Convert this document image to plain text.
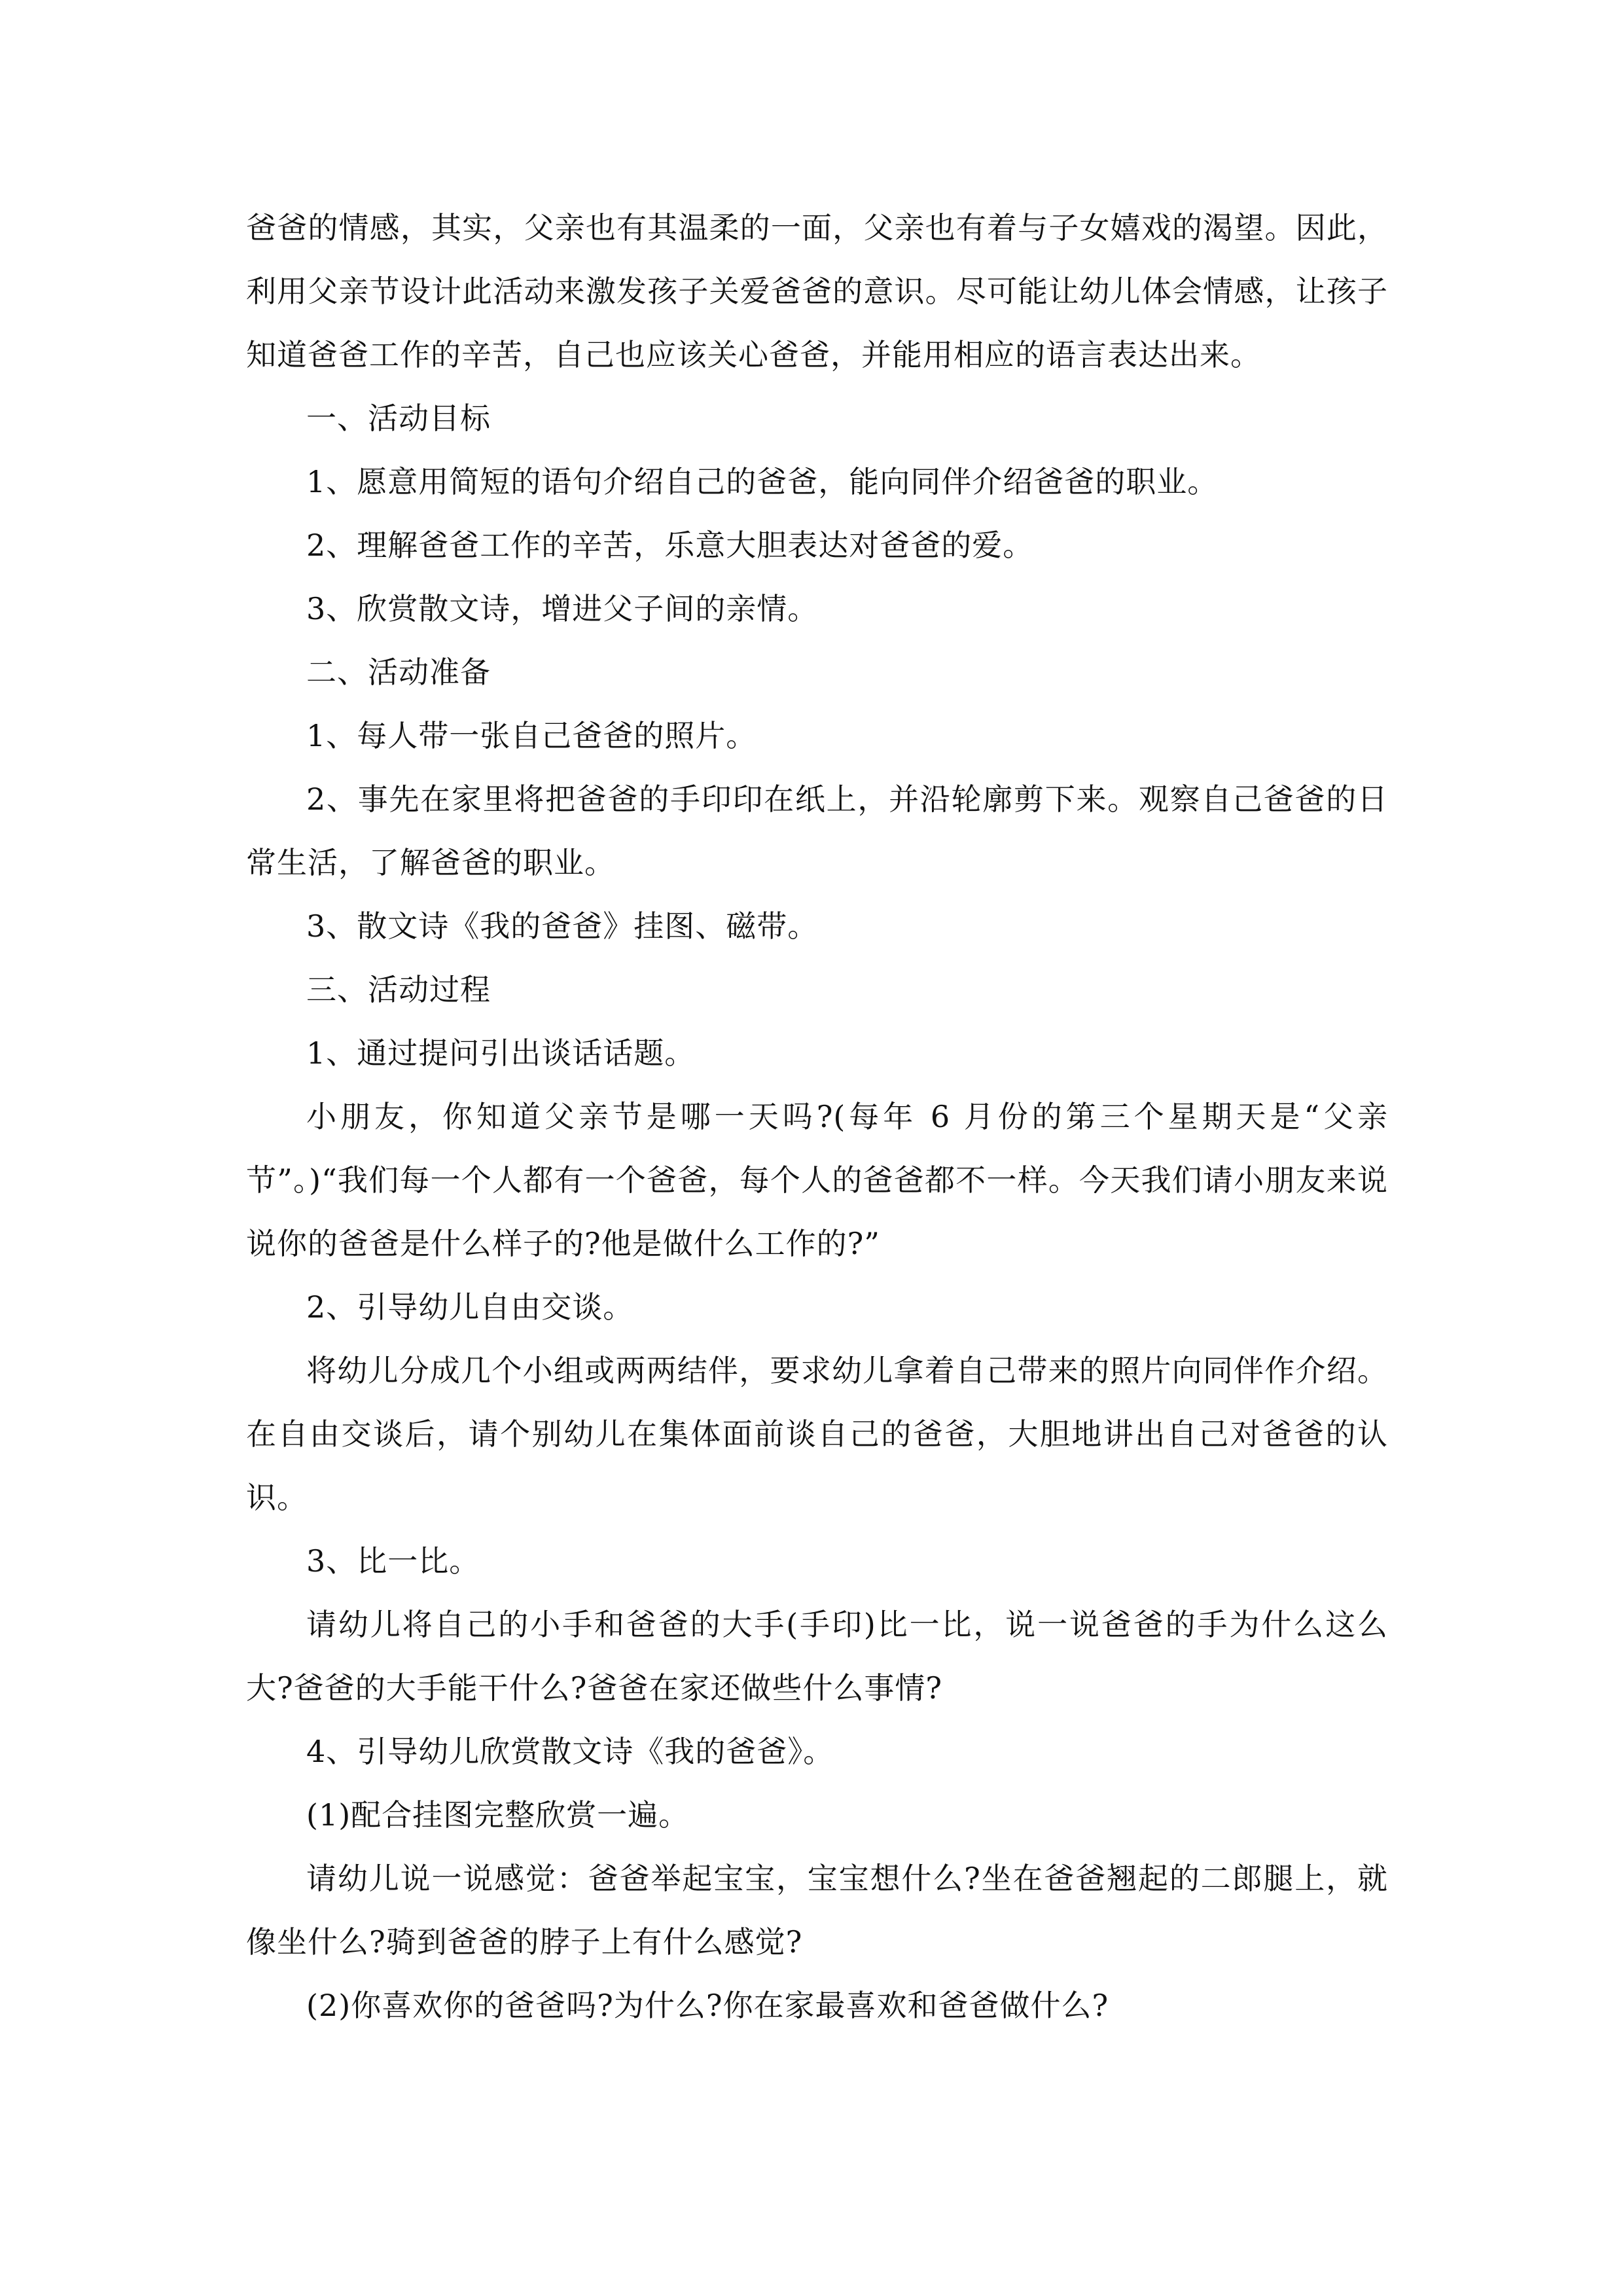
爸爸的情感，其实，父亲也有其温柔的一面，父亲也有着与子女嬉戏的渴望。因此，利用父亲节设计此活动来激发孩子关爱爸爸的意识。尽可能让幼儿体会情感，让孩子知道爸爸工作的辛苦，自己也应该关心爸爸，并能用相应的语言表达出来。

一、活动目标

1、愿意用简短的语句介绍自己的爸爸，能向同伴介绍爸爸的职业。

2、理解爸爸工作的辛苦，乐意大胆表达对爸爸的爱。

3、欣赏散文诗，增进父子间的亲情。

二、活动准备

1、每人带一张自己爸爸的照片。

2、事先在家里将把爸爸的手印印在纸上，并沿轮廓剪下来。观察自己爸爸的日常生活，了解爸爸的职业。

3、散文诗《我的爸爸》挂图、磁带。

三、活动过程

1、通过提问引出谈话话题。

小朋友，你知道父亲节是哪一天吗?(每年 6 月份的第三个星期天是“父亲节”。)“我们每一个人都有一个爸爸，每个人的爸爸都不一样。今天我们请小朋友来说说你的爸爸是什么样子的?他是做什么工作的?”

2、引导幼儿自由交谈。

将幼儿分成几个小组或两两结伴，要求幼儿拿着自己带来的照片向同伴作介绍。在自由交谈后，请个别幼儿在集体面前谈自己的爸爸，大胆地讲出自己对爸爸的认识。

3、比一比。

请幼儿将自己的小手和爸爸的大手(手印)比一比，说一说爸爸的手为什么这么大?爸爸的大手能干什么?爸爸在家还做些什么事情?

4、引导幼儿欣赏散文诗《我的爸爸》。

(1)配合挂图完整欣赏一遍。

请幼儿说一说感觉：爸爸举起宝宝，宝宝想什么?坐在爸爸翘起的二郎腿上，就像坐什么?骑到爸爸的脖子上有什么感觉?

(2)你喜欢你的爸爸吗?为什么?你在家最喜欢和爸爸做什么?
